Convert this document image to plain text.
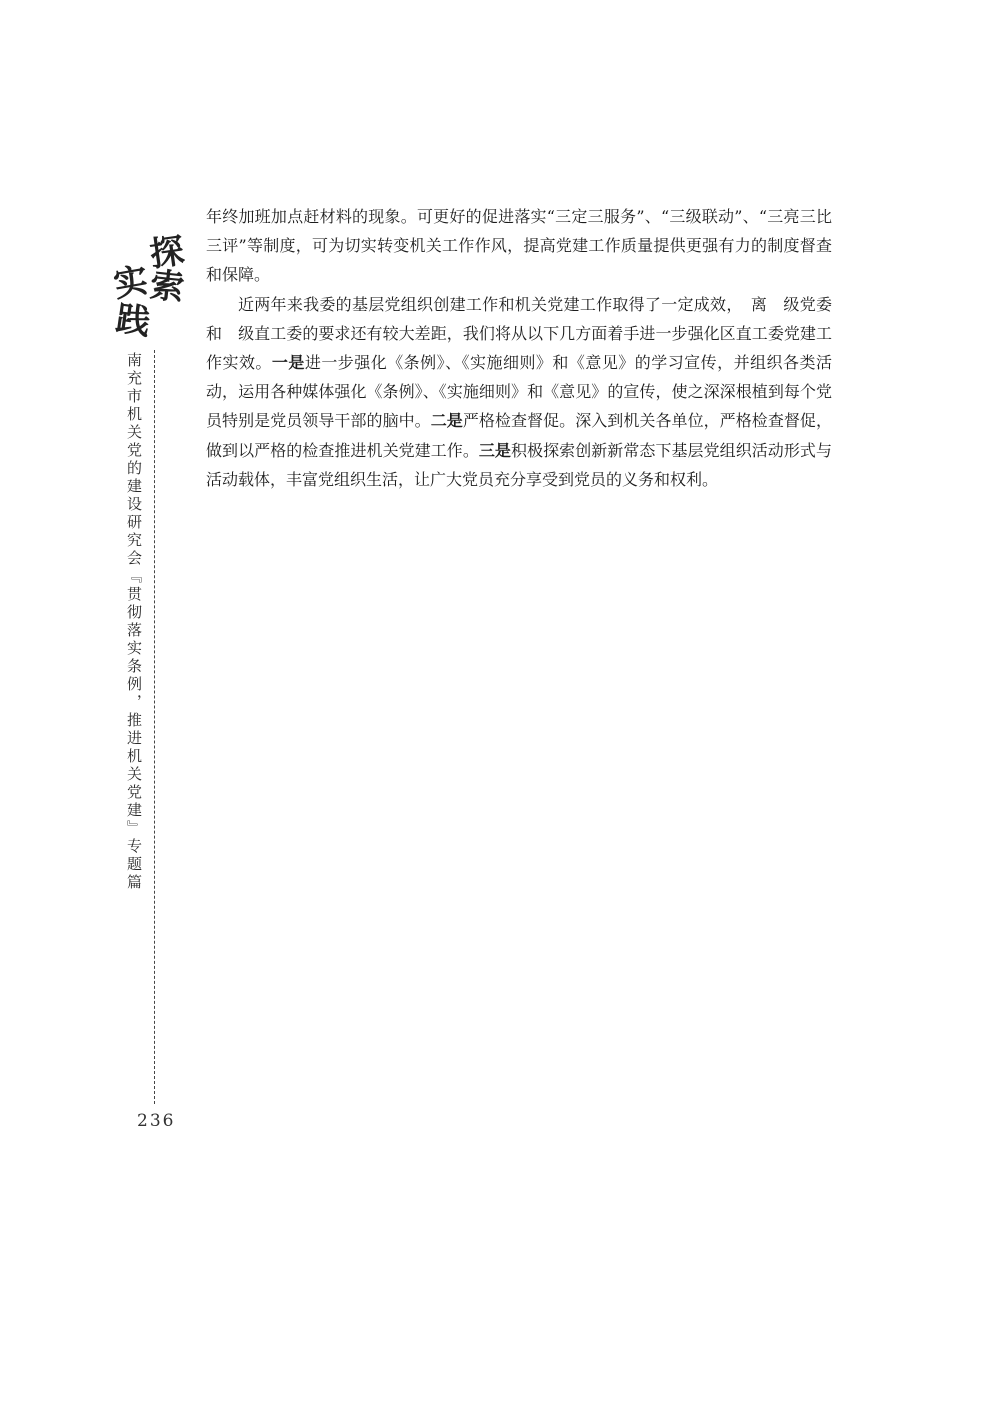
探
索
实
践
南充市机关党的建设研究会『贯彻落实条例，推进机关党建』专题篇
236

年终加班加点赶材料的现象。可更好的促进落实“三定三服务”、“三级联动”、“三亮三比三评”等制度，可为切实转变机关工作作风，提高党建工作质量提供更强有力的制度督查和保障。

近两年来我委的基层党组织创建工作和机关党建工作取得了一定成效，　离　级党委和　级直工委的要求还有较大差距，我们将从以下几方面着手进一步强化区直工委党建工作实效。一是进一步强化《条例》、《实施细则》和《意见》的学习宣传，并组织各类活动，运用各种媒体强化《条例》、《实施细则》和《意见》的宣传，使之深深根植到每个党员特别是党员领导干部的脑中。二是严格检查督促。深入到机关各单位，严格检查督促，做到以严格的检查推进机关党建工作。三是积极探索创新新常态下基层党组织活动形式与活动载体，丰富党组织生活，让广大党员充分享受到党员的义务和权利。
